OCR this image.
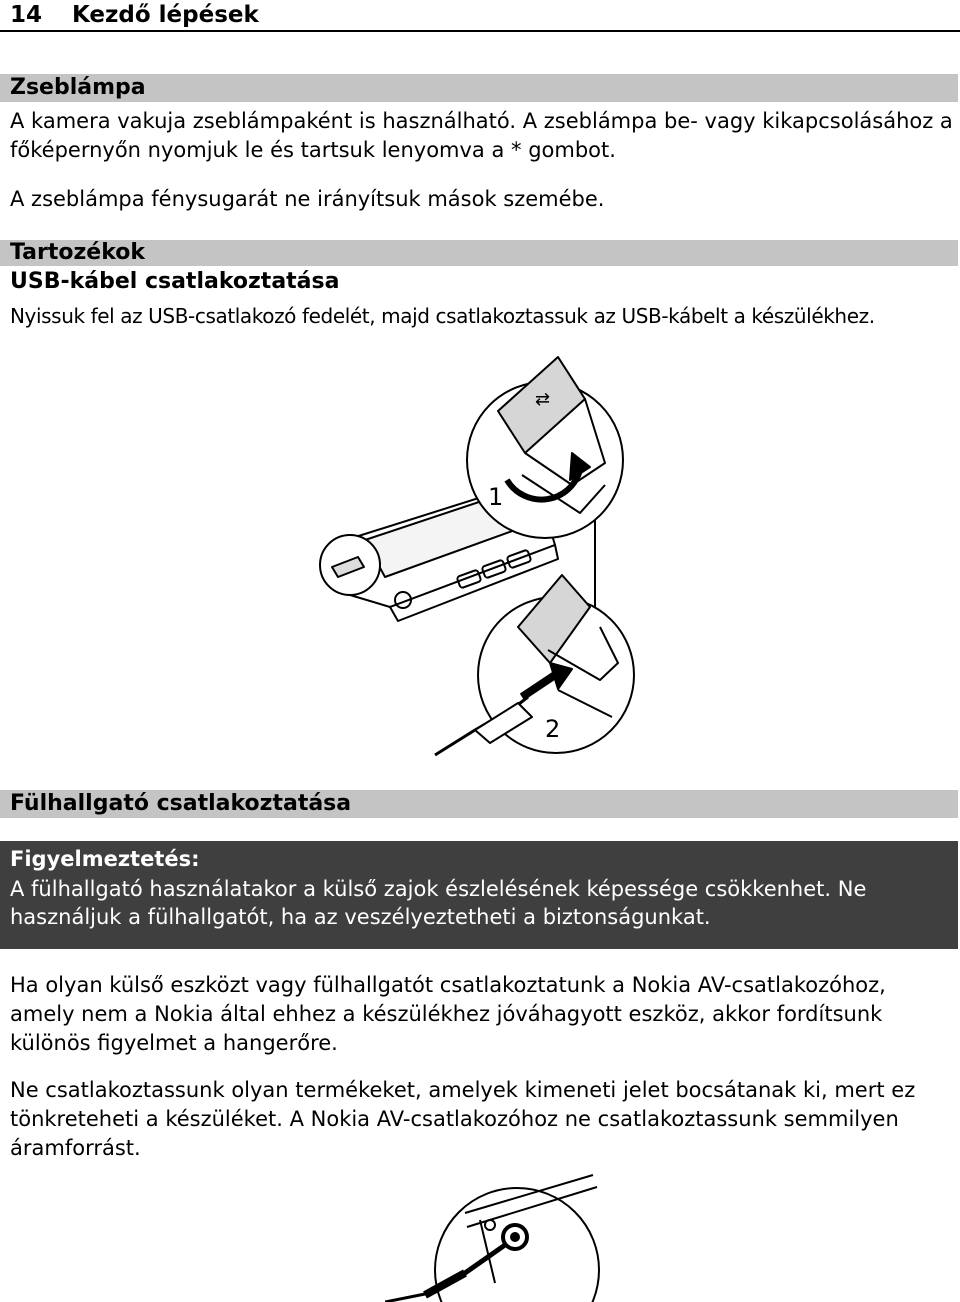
14 Kezdő lépések
Zseblámpa
A kamera vakuja zseblámpaként is használható. A zseblámpa be- vagy kikapcsolásához a főképernyőn nyomjuk le és tartsuk lenyomva a * gombot.
A zseblámpa fénysugarát ne irányítsuk mások szemébe.
Tartozékok
USB-kábel csatlakoztatása
Nyissuk fel az USB-csatlakozó fedelét, majd csatlakoztassuk az USB-kábelt a készülékhez.
⇄
1
2
Fülhallgató csatlakoztatása
Figyelmeztetés:
A fülhallgató használatakor a külső zajok észlelésének képessége csökkenhet. Ne használjuk a fülhallgatót, ha az veszélyeztetheti a biztonságunkat.
Ha olyan külső eszközt vagy fülhallgatót csatlakoztatunk a Nokia AV-csatlakozóhoz, amely nem a Nokia által ehhez a készülékhez jóváhagyott eszköz, akkor fordítsunk különös figyelmet a hangerőre.
Ne csatlakoztassunk olyan termékeket, amelyek kimeneti jelet bocsátanak ki, mert ez tönkreteheti a készüléket. A Nokia AV-csatlakozóhoz ne csatlakoztassunk semmilyen áramforrást.
